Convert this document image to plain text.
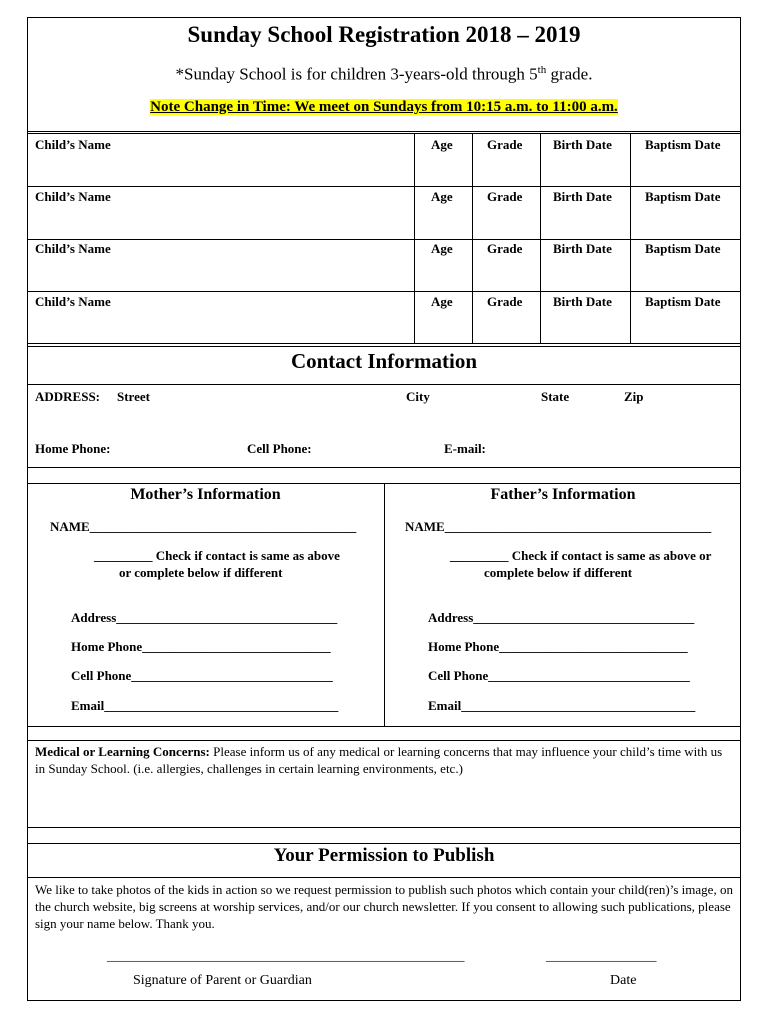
Sunday School Registration 2018 – 2019
*Sunday School is for children 3-years-old through 5th grade.
Note Change in Time: We meet on Sundays from 10:15 a.m. to 11:00 a.m.
Child’s Name	Age	Grade Birth Date	Baptism Date
Child’s Name	Age	Grade Birth Date	Baptism Date
Child’s Name	Age	Grade Birth Date	Baptism Date
Child’s Name	Age	Grade Birth Date	Baptism Date
Contact Information
ADDRESS: Street	City	State	Zip
Home Phone:	Cell Phone:	E-mail:
Mother’s Information
NAME_________________________________________
_________ Check if contact is same as above
or complete below if different
Address__________________________________
Home Phone_____________________________
Cell Phone_______________________________
Email____________________________________
Father’s Information
NAME_________________________________________
_________ Check if contact is same as above or
complete below if different
Address__________________________________
Home Phone_____________________________
Cell Phone_______________________________
Email____________________________________
Medical or Learning Concerns: Please inform us of any medical or learning concerns that may influence your child’s time with us in Sunday School. (i.e. allergies, challenges in certain learning environments, etc.)
Your Permission to Publish
We like to take photos of the kids in action so we request permission to publish such photos which contain your child(ren)’s image, on the church website, big screens at worship services, and/or our church newsletter. If you consent to allowing such publications, please sign your name below. Thank you.
_______________________________________________________	_________________
Signature of Parent or Guardian	Date
